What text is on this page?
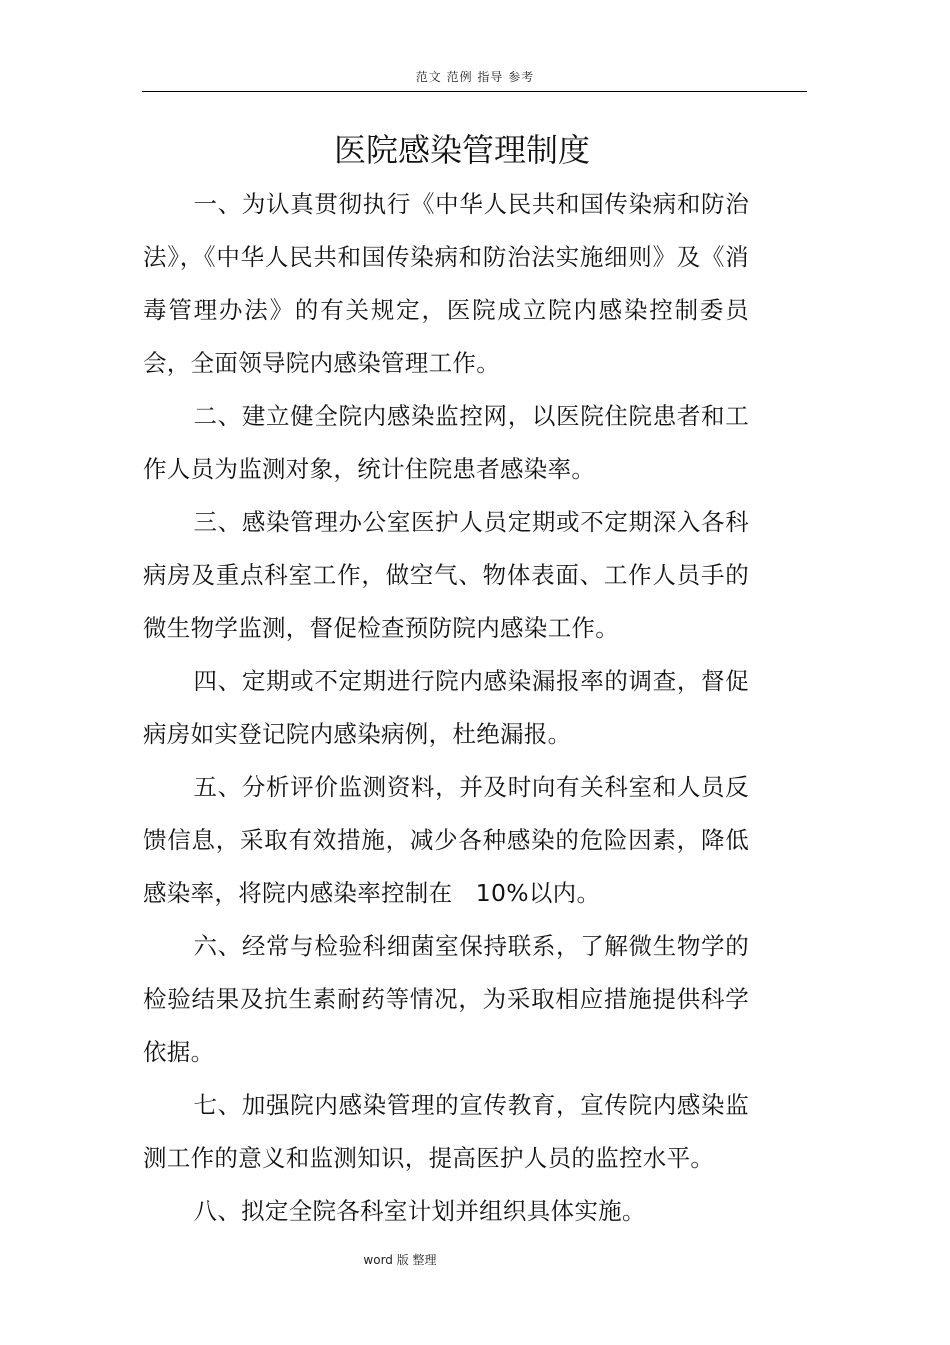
范文 范例 指导 参考
医院感染管理制度

一、为认真贯彻执行《中华人民共和国传染病和防治法》，《中华人民共和国传染病和防治法实施细则》及《消毒管理办法》的有关规定，医院成立院内感染控制委员会，全面领导院内感染管理工作。

二、建立健全院内感染监控网，以医院住院患者和工作人员为监测对象，统计住院患者感染率。

三、感染管理办公室医护人员定期或不定期深入各科病房及重点科室工作，做空气、物体表面、工作人员手的微生物学监测，督促检查预防院内感染工作。

四、定期或不定期进行院内感染漏报率的调查，督促病房如实登记院内感染病例，杜绝漏报。

五、分析评价监测资料，并及时向有关科室和人员反馈信息，采取有效措施，减少各种感染的危险因素，降低感染率，将院内感染率控制在   10%以内。

六、经常与检验科细菌室保持联系，了解微生物学的检验结果及抗生素耐药等情况，为采取相应措施提供科学依据。

七、加强院内感染管理的宣传教育，宣传院内感染监测工作的意义和监测知识，提高医护人员的监控水平。

八、拟定全院各科室计划并组织具体实施。

word 版 整理
